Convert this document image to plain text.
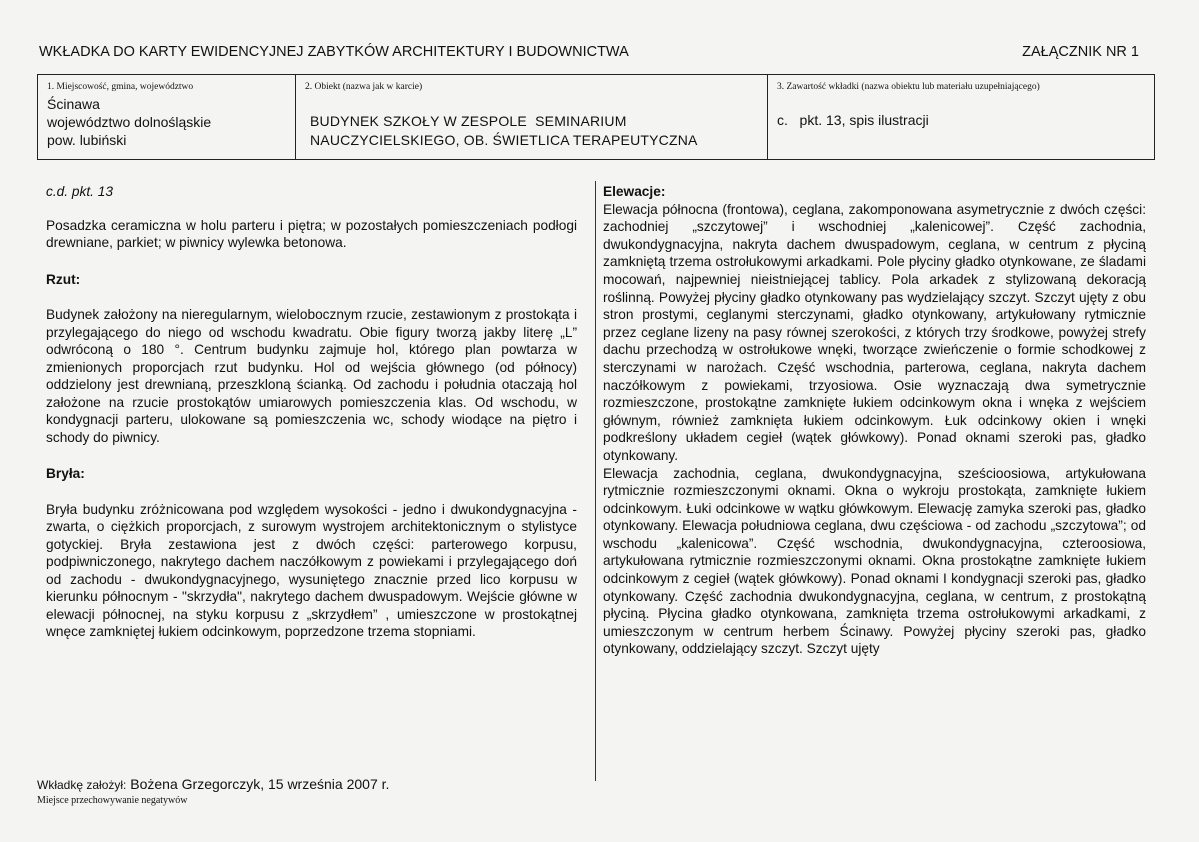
WKŁADKA DO KARTY EWIDENCYJNEJ ZABYTKÓW ARCHITEKTURY I BUDOWNICTWA	ZAŁĄCZNIK NR 1
1. Miejscowość, gmina, województwo
Ścinawa
województwo dolnośląskie
pow. lubiński
2. Obiekt (nazwa jak w karcie)
BUDYNEK SZKOŁY W ZESPOLE  SEMINARIUM
NAUCZYCIELSKIEGO, OB. ŚWIETLICA TERAPEUTYCZNA
3. Zawartość wkładki (nazwa obiektu lub materiału uzupełniającego)
c.   pkt. 13, spis ilustracji

c.d. pkt. 13

Posadzka ceramiczna w holu parteru i piętra; w pozostałych pomieszczeniach podłogi drewniane, parkiet; w piwnicy wylewka betonowa.

Rzut:

Budynek założony na nieregularnym, wielobocznym rzucie, zestawionym z prostokąta i przylegającego do niego od wschodu kwadratu. Obie figury tworzą jakby literę „L” odwróconą o 180 °. Centrum budynku zajmuje hol, którego plan powtarza w zmienionych proporcjach rzut budynku. Hol od wejścia głównego (od północy) oddzielony jest drewnianą, przeszkloną ścianką. Od zachodu i południa otaczają hol założone na rzucie prostokątów umiarowych pomieszczenia klas. Od wschodu, w kondygnacji parteru, ulokowane są pomieszczenia wc, schody wiodące na piętro i schody do piwnicy.

Bryła:

Bryła budynku zróżnicowana pod względem wysokości - jedno i dwukondygnacyjna - zwarta, o ciężkich proporcjach, z surowym wystrojem architektonicznym o stylistyce gotyckiej. Bryła zestawiona jest z dwóch części: parterowego korpusu, podpiwniczonego, nakrytego dachem naczółkowym z powiekami i przylegającego doń od zachodu - dwukondygnacyjnego, wysuniętego znacznie przed lico korpusu w kierunku północnym - "skrzydła", nakrytego dachem dwuspadowym. Wejście główne w elewacji północnej, na styku korpusu z „skrzydłem” , umieszczone w prostokątnej wnęce zamkniętej łukiem odcinkowym, poprzedzone trzema stopniami.

Elewacje:

Elewacja północna (frontowa), ceglana, zakomponowana asymetrycznie z dwóch części: zachodniej „szczytowej” i wschodniej „kalenicowej”. Część zachodnia, dwukondygnacyjna, nakryta dachem dwuspadowym, ceglana, w centrum z płyciną zamkniętą trzema ostrołukowymi arkadkami. Pole płyciny gładko otynkowane, ze śladami mocowań, najpewniej nieistniejącej tablicy. Pola arkadek z stylizowaną dekoracją roślinną. Powyżej płyciny gładko otynkowany pas wydzielający szczyt. Szczyt ujęty z obu stron prostymi, ceglanymi sterczynami, gładko otynkowany, artykułowany rytmicznie przez ceglane lizeny na pasy równej szerokości, z których trzy środkowe, powyżej strefy dachu przechodzą w ostrołukowe wnęki, tworzące zwieńczenie o formie schodkowej z sterczynami w narożach. Część wschodnia, parterowa, ceglana, nakryta dachem naczółkowym z powiekami, trzyosiowa. Osie wyznaczają dwa symetrycznie rozmieszczone, prostokątne zamknięte łukiem odcinkowym okna i wnęka z wejściem głównym, również zamknięta łukiem odcinkowym. Łuk odcinkowy okien i wnęki podkreślony układem cegieł (wątek główkowy). Ponad oknami szeroki pas, gładko otynkowany.

Elewacja zachodnia, ceglana, dwukondygnacyjna, sześcioosiowa, artykułowana rytmicznie rozmieszczonymi oknami. Okna o wykroju prostokąta, zamknięte łukiem odcinkowym. Łuki odcinkowe w wątku główkowym. Elewację zamyka szeroki pas, gładko otynkowany. Elewacja południowa ceglana, dwu częściowa - od zachodu „szczytowa”; od wschodu „kalenicowa”. Część wschodnia, dwukondygnacyjna, czteroosiowa, artykułowana rytmicznie rozmieszczonymi oknami. Okna prostokątne zamknięte łukiem odcinkowym z cegieł (wątek główkowy). Ponad oknami I kondygnacji szeroki pas, gładko otynkowany. Część zachodnia dwukondygnacyjna, ceglana, w centrum, z prostokątną płyciną. Płycina gładko otynkowana, zamknięta trzema ostrołukowymi arkadkami, z umieszczonym w centrum herbem Ścinawy. Powyżej płyciny szeroki pas, gładko otynkowany, oddzielający szczyt. Szczyt ujęty

Wkładkę założył: Bożena Grzegorczyk, 15 września 2007 r.
Miejsce przechowywanie negatywów
